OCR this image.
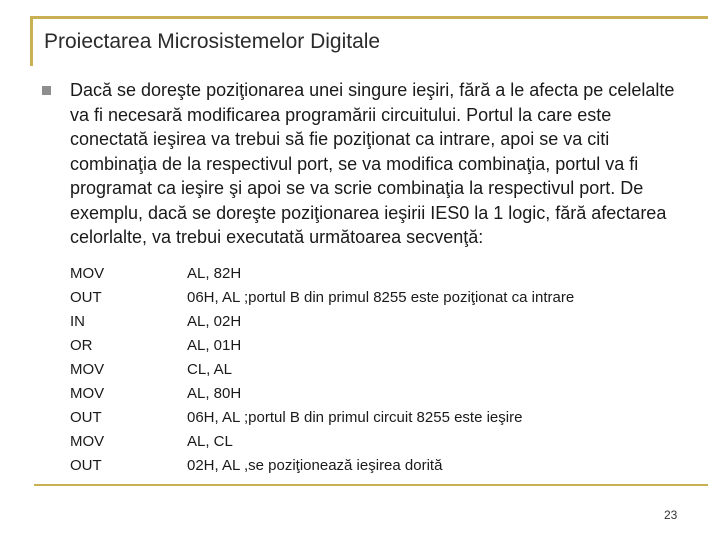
Proiectarea Microsistemelor Digitale

Dacă se doreşte poziţionarea unei singure ieşiri, fără a le afecta pe celelalte va fi necesară modificarea programării circuitului. Portul la care este conectată ieşirea va trebui să fie poziţionat ca intrare, apoi se va citi combinaţia de la respectivul port, se va modifica combinaţia, portul va fi programat ca ieşire şi apoi se va scrie combinaţia la respectivul port. De exemplu, dacă se doreşte poziţionarea ieşirii IES0 la 1 logic, fără afectarea celorlalte, va trebui executată următoarea secvenţă:

MOV	AL, 82H
OUT	06H, AL ;portul B din primul 8255 este poziţionat ca intrare
IN	AL, 02H
OR	AL, 01H
MOV	CL, AL
MOV	AL, 80H
OUT	06H, AL ;portul B din primul circuit 8255 este ieşire
MOV	AL, CL
OUT	02H, AL ,se poziţionează ieşirea dorită
23
